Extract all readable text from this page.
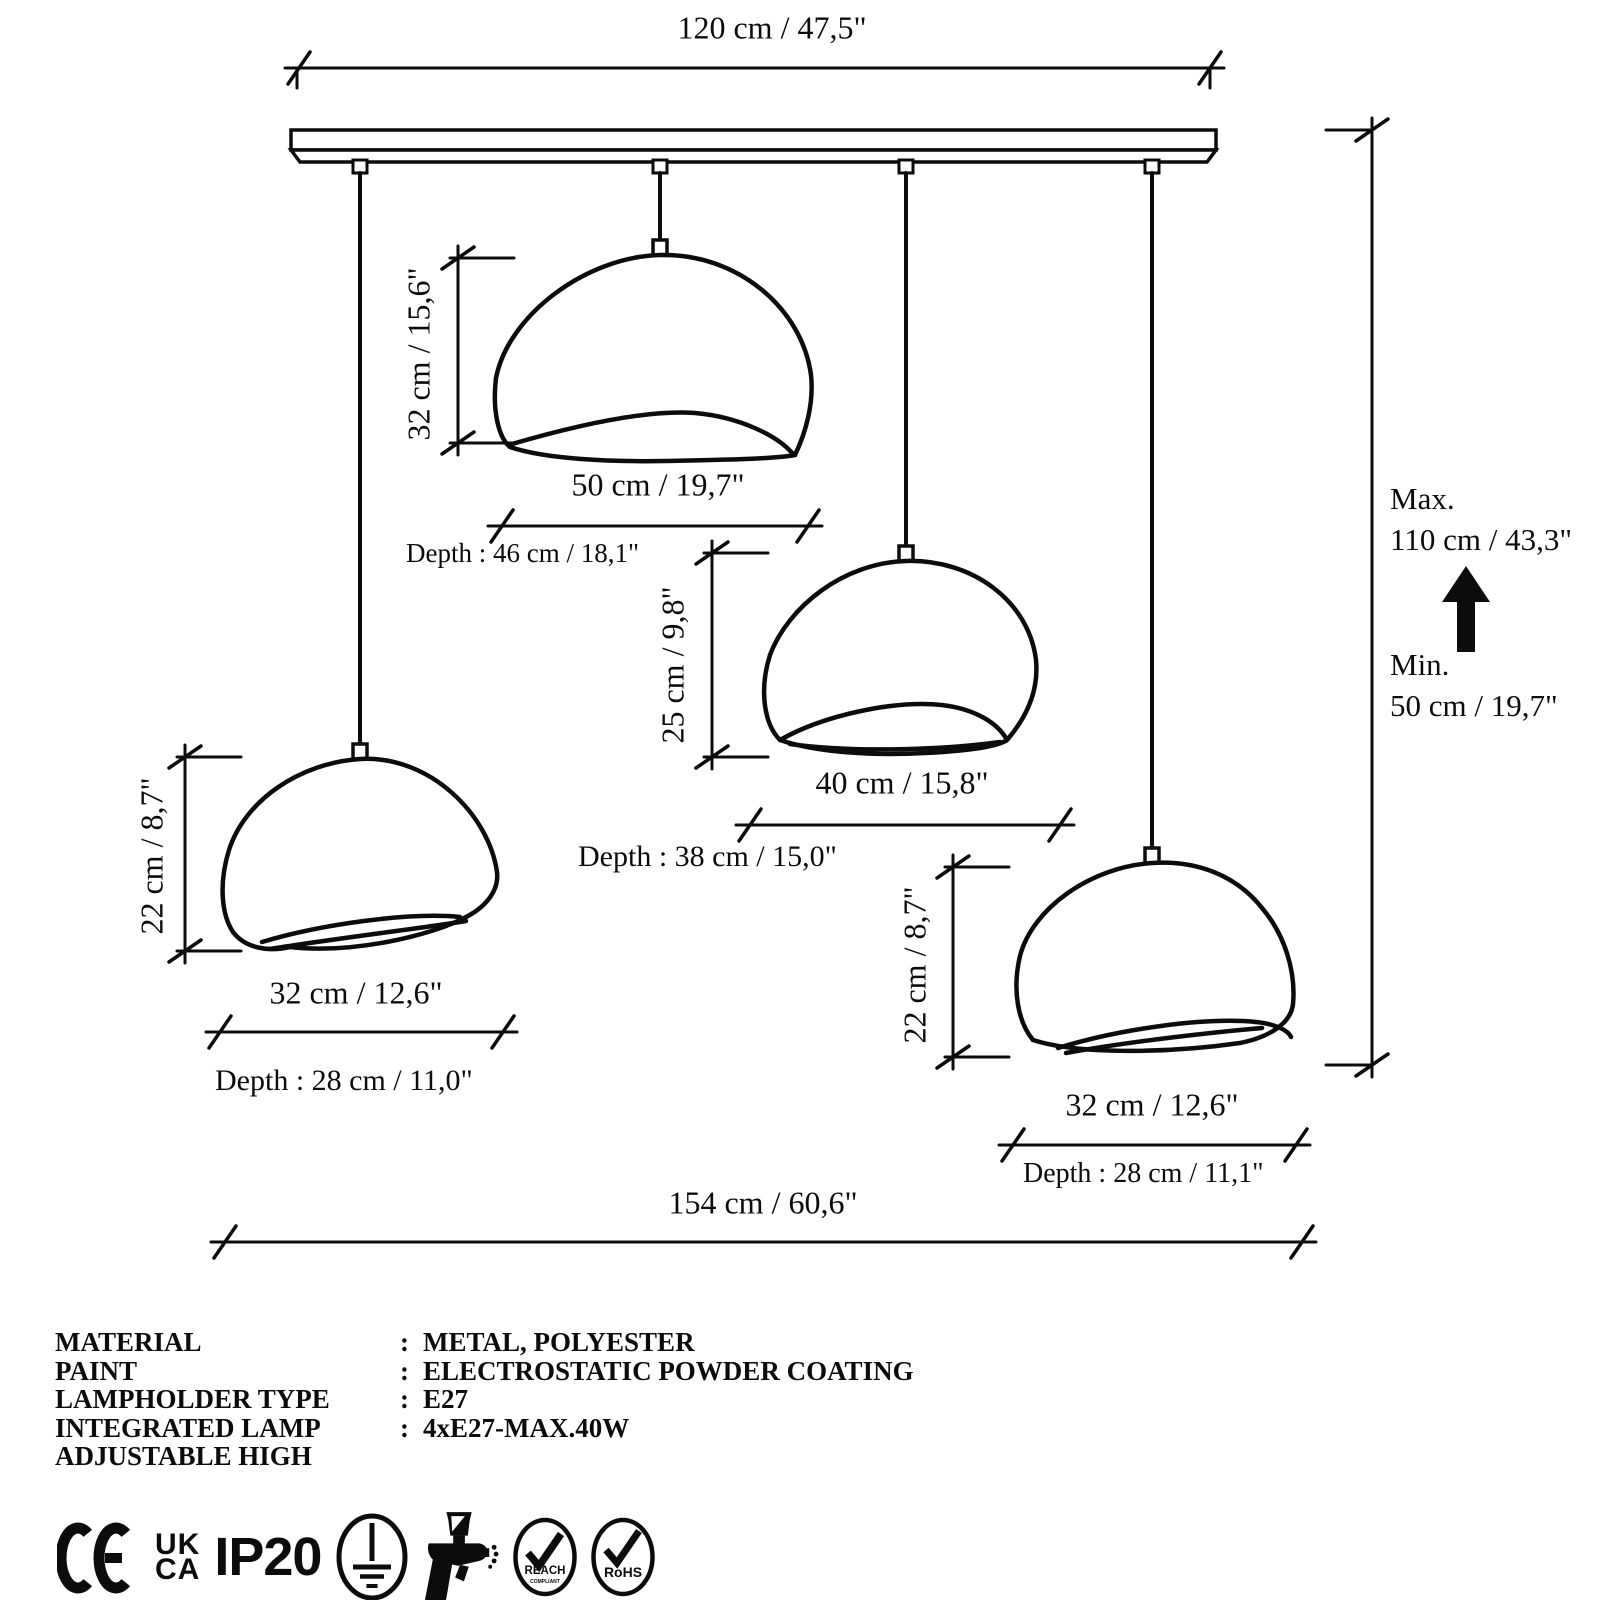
120 cm / 47,5"
32 cm / 15,6"
50 cm / 19,7"
Depth : 46 cm / 18,1"
25 cm / 9,8"
40 cm / 15,8"
Depth : 38 cm / 15,0"
22 cm / 8,7"
32 cm / 12,6"
Depth : 28 cm / 11,0"
22 cm / 8,7"
32 cm / 12,6"
Depth : 28 cm / 11,1"
Max.
110 cm / 43,3"
Min.
50 cm / 19,7"
154 cm / 60,6"
MATERIAL	: METAL, POLYESTER
PAINT	: ELECTROSTATIC POWDER COATING
LAMPHOLDER TYPE	: E27
INTEGRATED LAMP	: 4xE27-MAX.40W
ADJUSTABLE HIGH
UK
CA IP20	REACH
COMPLIANT
RoHS
